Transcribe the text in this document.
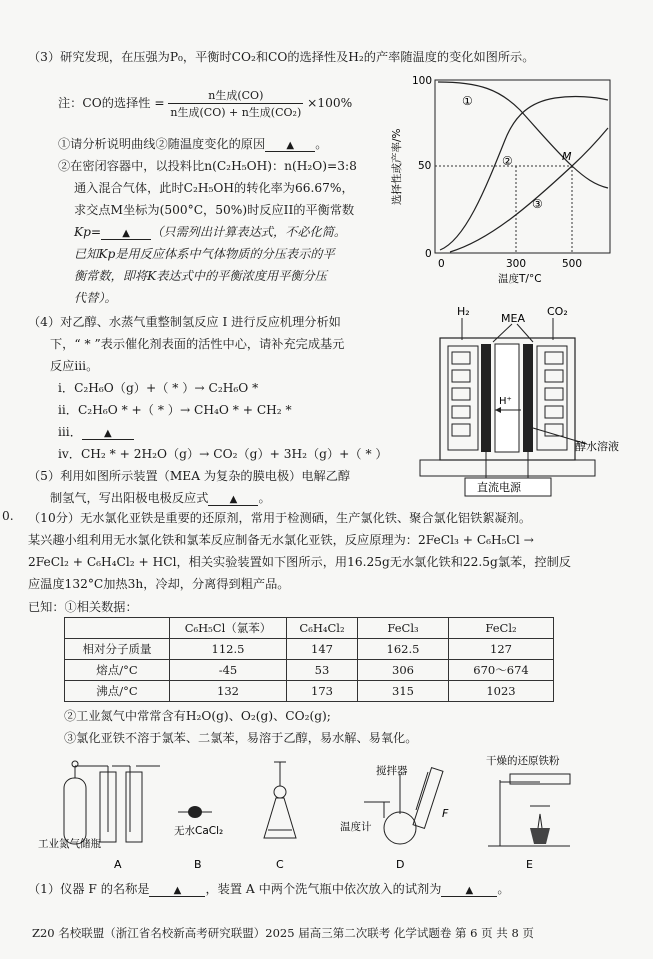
（3）研究发现，在压强为P₀，平衡时CO₂和CO的选择性及H₂的产率随温度的变化如图所示。
注：CO的选择性 = $\frac{\text{n生成(CO)}}{\text{n生成(CO) + n生成(CO₂)}} \times 100\%$
①请分析说明曲线②随温度变化的原因 ▲ 。
②在密闭容器中，以投料比n(C₂H₅OH)：n(H₂O)=3:8
通入混合气体，此时C₂H₅OH的转化率为66.67%，
求交点M坐标为(500°C，50%)时反应II的平衡常数
Kp= ▲ （只需列出计算表达式，不必化简。
已知Kp是用反应体系中气体物质的分压表示的平
衡常数，即将K表达式中的平衡浓度用平衡分压
代替）。
选择性或产率/%
100
50
0
0	300	500
温度T/°C
①
②
③
M
（4）对乙醇、水蒸气重整制氢反应 I 进行反应机理分析如
下，“ * ”表示催化剂表面的活性中心，请补充完成基元
反应iii。
i．C₂H₆O（g）+（ * ）→ C₂H₆O *
ii．C₂H₆O * +（ * ）→ CH₄O * + CH₂ *
iii． ▲
iv．CH₂ * + 2H₂O（g）→ CO₂（g）+ 3H₂（g）+（ * ）
（5）利用如图所示装置（MEA 为复杂的膜电极）电解乙醇
制氢气，写出阳极电极反应式 ▲ 。
H₂
MEA
CO₂
H⁺
醇水溶液
直流电源
0. （10分）无水氯化亚铁是重要的还原剂，常用于检测硒，生产氯化铁、聚合氯化铝铁絮凝剂。
某兴趣小组利用无水氯化铁和氯苯反应制备无水氯化亚铁，反应原理为：2FeCl₃ + C₆H₅Cl →
2FeCl₂ + C₆H₄Cl₂ + HCl，相关实验装置如下图所示，用16.25g无水氯化铁和22.5g氯苯，控制反
应温度132°C加热3h，冷却，分离得到粗产品。
已知：①相关数据：
	C₆H₅Cl（氯苯）	C₆H₄Cl₂	FeCl₃	FeCl₂
相对分子质量	112.5	147	162.5	127
熔点/°C	-45	53	306	670～674
沸点/°C	132	173	315	1023
②工业氮气中常常含有H₂O(g)、O₂(g)、CO₂(g);
③氯化亚铁不溶于氯苯、二氯苯，易溶于乙醇，易水解、易氧化。
工业氮气储瓶
无水CaCl₂
搅拌器
温度计
F
干燥的还原铁粉
A	B	C	D	E
（1）仪器 F 的名称是 ▲ ，装置 A 中两个洗气瓶中依次放入的试剂为 ▲ 。
Z20 名校联盟（浙江省名校新高考研究联盟）2025 届高三第二次联考 化学试题卷 第 6 页 共 8 页
